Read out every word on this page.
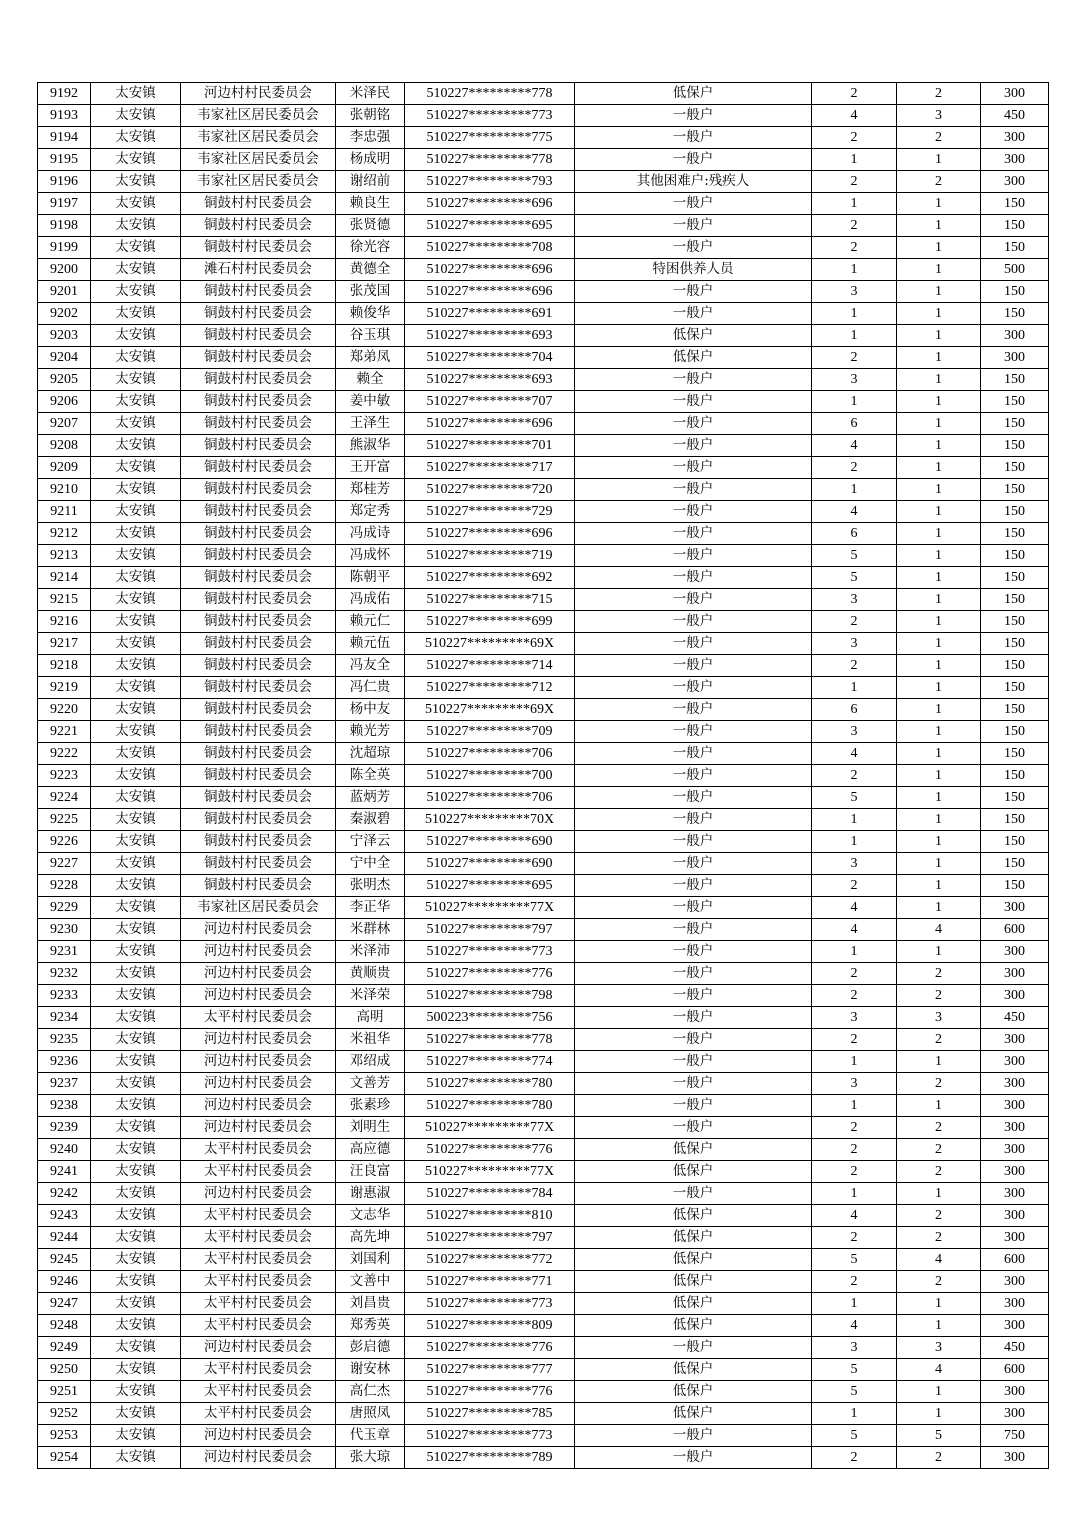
9192	太安镇	河边村村民委员会	米泽民	510227*********778	低保户	2	2	300
9193	太安镇	韦家社区居民委员会	张朝铭	510227*********773	一般户	4	3	450
9194	太安镇	韦家社区居民委员会	李忠强	510227*********775	一般户	2	2	300
9195	太安镇	韦家社区居民委员会	杨成明	510227*********778	一般户	1	1	300
9196	太安镇	韦家社区居民委员会	谢绍前	510227*********793	其他困难户:残疾人	2	2	300
9197	太安镇	铜鼓村村民委员会	赖良生	510227*********696	一般户	1	1	150
9198	太安镇	铜鼓村村民委员会	张贤德	510227*********695	一般户	2	1	150
9199	太安镇	铜鼓村村民委员会	徐光容	510227*********708	一般户	2	1	150
9200	太安镇	滩石村村民委员会	黄德全	510227*********696	特困供养人员	1	1	500
9201	太安镇	铜鼓村村民委员会	张茂国	510227*********696	一般户	3	1	150
9202	太安镇	铜鼓村村民委员会	赖俊华	510227*********691	一般户	1	1	150
9203	太安镇	铜鼓村村民委员会	谷玉琪	510227*********693	低保户	1	1	300
9204	太安镇	铜鼓村村民委员会	郑弟凤	510227*********704	低保户	2	1	300
9205	太安镇	铜鼓村村民委员会	赖全	510227*********693	一般户	3	1	150
9206	太安镇	铜鼓村村民委员会	姜中敏	510227*********707	一般户	1	1	150
9207	太安镇	铜鼓村村民委员会	王泽生	510227*********696	一般户	6	1	150
9208	太安镇	铜鼓村村民委员会	熊淑华	510227*********701	一般户	4	1	150
9209	太安镇	铜鼓村村民委员会	王开富	510227*********717	一般户	2	1	150
9210	太安镇	铜鼓村村民委员会	郑桂芳	510227*********720	一般户	1	1	150
9211	太安镇	铜鼓村村民委员会	郑定秀	510227*********729	一般户	4	1	150
9212	太安镇	铜鼓村村民委员会	冯成诗	510227*********696	一般户	6	1	150
9213	太安镇	铜鼓村村民委员会	冯成怀	510227*********719	一般户	5	1	150
9214	太安镇	铜鼓村村民委员会	陈朝平	510227*********692	一般户	5	1	150
9215	太安镇	铜鼓村村民委员会	冯成佑	510227*********715	一般户	3	1	150
9216	太安镇	铜鼓村村民委员会	赖元仁	510227*********699	一般户	2	1	150
9217	太安镇	铜鼓村村民委员会	赖元伍	510227*********69X	一般户	3	1	150
9218	太安镇	铜鼓村村民委员会	冯友全	510227*********714	一般户	2	1	150
9219	太安镇	铜鼓村村民委员会	冯仁贵	510227*********712	一般户	1	1	150
9220	太安镇	铜鼓村村民委员会	杨中友	510227*********69X	一般户	6	1	150
9221	太安镇	铜鼓村村民委员会	赖光芳	510227*********709	一般户	3	1	150
9222	太安镇	铜鼓村村民委员会	沈超琼	510227*********706	一般户	4	1	150
9223	太安镇	铜鼓村村民委员会	陈全英	510227*********700	一般户	2	1	150
9224	太安镇	铜鼓村村民委员会	蓝炳芳	510227*********706	一般户	5	1	150
9225	太安镇	铜鼓村村民委员会	秦淑碧	510227*********70X	一般户	1	1	150
9226	太安镇	铜鼓村村民委员会	宁泽云	510227*********690	一般户	1	1	150
9227	太安镇	铜鼓村村民委员会	宁中全	510227*********690	一般户	3	1	150
9228	太安镇	铜鼓村村民委员会	张明杰	510227*********695	一般户	2	1	150
9229	太安镇	韦家社区居民委员会	李正华	510227*********77X	一般户	4	1	300
9230	太安镇	河边村村民委员会	米群林	510227*********797	一般户	4	4	600
9231	太安镇	河边村村民委员会	米泽沛	510227*********773	一般户	1	1	300
9232	太安镇	河边村村民委员会	黄顺贵	510227*********776	一般户	2	2	300
9233	太安镇	河边村村民委员会	米泽荣	510227*********798	一般户	2	2	300
9234	太安镇	太平村村民委员会	高明	500223*********756	一般户	3	3	450
9235	太安镇	河边村村民委员会	米祖华	510227*********778	一般户	2	2	300
9236	太安镇	河边村村民委员会	邓绍成	510227*********774	一般户	1	1	300
9237	太安镇	河边村村民委员会	文善芳	510227*********780	一般户	3	2	300
9238	太安镇	河边村村民委员会	张素珍	510227*********780	一般户	1	1	300
9239	太安镇	河边村村民委员会	刘明生	510227*********77X	一般户	2	2	300
9240	太安镇	太平村村民委员会	高应德	510227*********776	低保户	2	2	300
9241	太安镇	太平村村民委员会	汪良富	510227*********77X	低保户	2	2	300
9242	太安镇	河边村村民委员会	谢惠淑	510227*********784	一般户	1	1	300
9243	太安镇	太平村村民委员会	文志华	510227*********810	低保户	4	2	300
9244	太安镇	太平村村民委员会	高先坤	510227*********797	低保户	2	2	300
9245	太安镇	太平村村民委员会	刘国利	510227*********772	低保户	5	4	600
9246	太安镇	太平村村民委员会	文善中	510227*********771	低保户	2	2	300
9247	太安镇	太平村村民委员会	刘昌贵	510227*********773	低保户	1	1	300
9248	太安镇	太平村村民委员会	郑秀英	510227*********809	低保户	4	1	300
9249	太安镇	河边村村民委员会	彭启德	510227*********776	一般户	3	3	450
9250	太安镇	太平村村民委员会	谢安林	510227*********777	低保户	5	4	600
9251	太安镇	太平村村民委员会	高仁杰	510227*********776	低保户	5	1	300
9252	太安镇	太平村村民委员会	唐照凤	510227*********785	低保户	1	1	300
9253	太安镇	河边村村民委员会	代玉章	510227*********773	一般户	5	5	750
9254	太安镇	河边村村民委员会	张大琼	510227*********789	一般户	2	2	300
